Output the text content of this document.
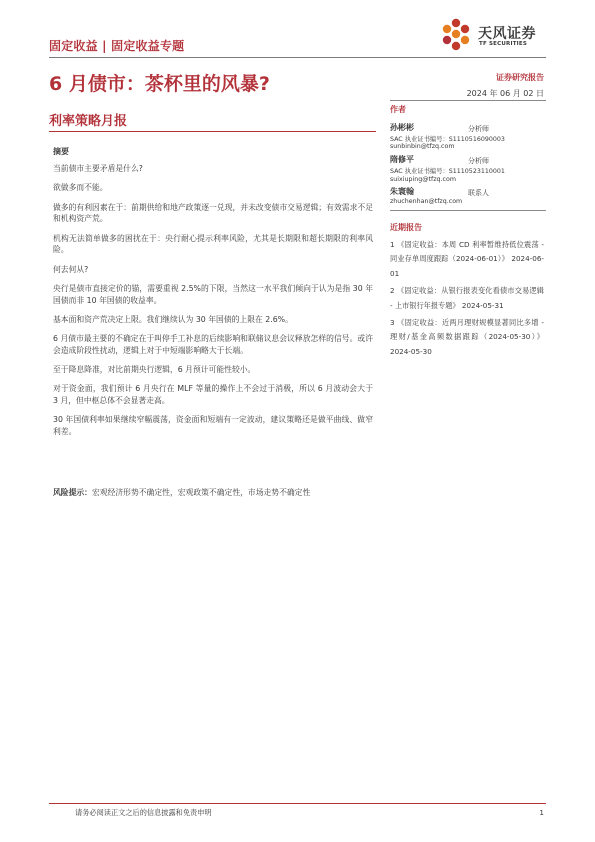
固定收益 | 固定收益专题
天风证券
TF SECURITIES
6 月债市：茶杯里的风暴?
利率策略月报
证券研究报告
2024 年 06 月 02 日
作者
孙彬彬	分析师
SAC 执业证书编号：S1110516090003
sunbinbin@tfzq.com
隋修平	分析师
SAC 执业证书编号：S1110523110001
suixiuping@tfzq.com
朱寰翰	联系人
zhuchenhan@tfzq.com
近期报告
1 《固定收益：本周 CD 利率暂维持低位震荡 - 同业存单周度跟踪（2024-06-01）》 2024-06-01
2 《固定收益：从银行报表变化看债市交易逻辑 - 上市银行年报专题》 2024-05-31
3 《固定收益：近两月理财规模显著同比多增 - 理财/基金高频数据跟踪（2024-05-30）》 2024-05-30
摘要

当前债市主要矛盾是什么?

欲做多而不能。

做多的有利因素在于：前期供给和地产政策逐一兑现，并未改变债市交易逻辑；有效需求不足和机构资产荒。

机构无法简单做多的困扰在于：央行耐心提示利率风险，尤其是长期限和超长期限的利率风险。

何去何从?

央行是债市直接定价的锚，需要重视 2.5%的下限，当然这一水平我们倾向于认为是指 30 年国债而非 10 年国债的收益率。

基本面和资产荒决定上限。我们继续认为 30 年国债的上限在 2.6%。

6 月债市最主要的不确定在于叫停手工补息的后续影响和联储议息会议释放怎样的信号。或许会造成阶段性扰动，逻辑上对于中短端影响略大于长端。

至于降息降准，对比前期央行逻辑，6 月预计可能性较小。

对于资金面，我们预计 6 月央行在 MLF 等量的操作上不会过于消极，所以 6 月波动会大于 3 月，但中枢总体不会显著走高。

30 年国债利率如果继续窄幅震荡，资金面和短端有一定波动，建议策略还是做平曲线、做窄利差。

风险提示：宏观经济形势不确定性，宏观政策不确定性，市场走势不确定性
请务必阅读正文之后的信息披露和免责申明	1
